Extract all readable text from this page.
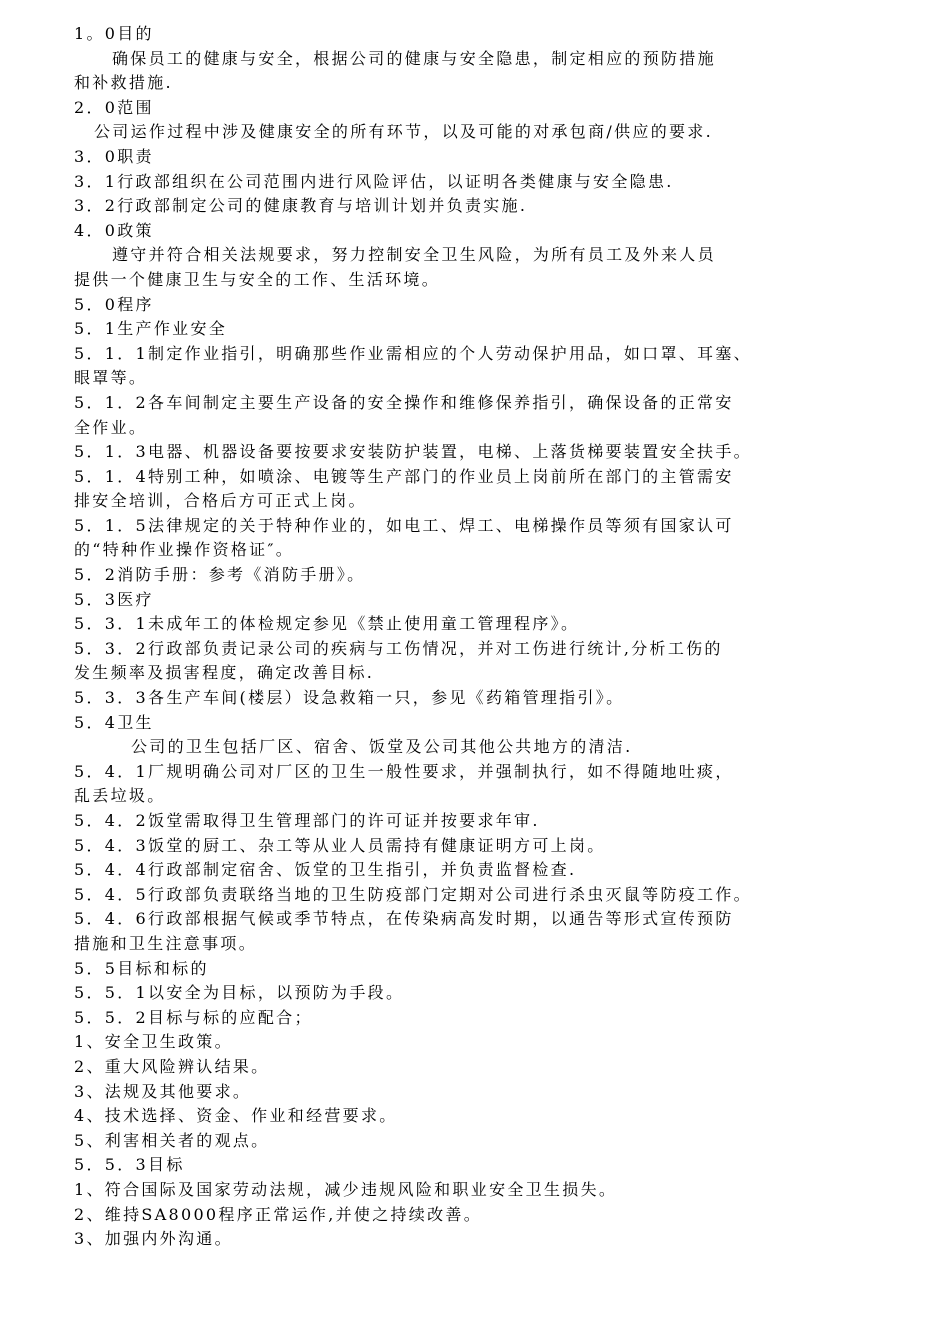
1。0目的
确保员工的健康与安全，根据公司的健康与安全隐患，制定相应的预防措施
和补救措施.
2．0范围
公司运作过程中涉及健康安全的所有环节，以及可能的对承包商/供应的要求.
3．0职责
3．1行政部组织在公司范围内进行风险评估，以证明各类健康与安全隐患.
3．2行政部制定公司的健康教育与培训计划并负责实施.
4．0政策
遵守并符合相关法规要求，努力控制安全卫生风险，为所有员工及外来人员
提供一个健康卫生与安全的工作、生活环境。
5．0程序
5．1生产作业安全
5．1．1制定作业指引，明确那些作业需相应的个人劳动保护用品，如口罩、耳塞、
眼罩等。
5．1．2各车间制定主要生产设备的安全操作和维修保养指引，确保设备的正常安
全作业。
5．1．3电器、机器设备要按要求安装防护装置，电梯、上落货梯要装置安全扶手。
5．1．4特别工种，如喷涂、电镀等生产部门的作业员上岗前所在部门的主管需安
排安全培训，合格后方可正式上岗。
5．1．5法律规定的关于特种作业的，如电工、焊工、电梯操作员等须有国家认可
的“特种作业操作资格证″。
5．2消防手册：参考《消防手册》。
5．3医疗
5．3．1未成年工的体检规定参见《禁止使用童工管理程序》。
5．3．2行政部负责记录公司的疾病与工伤情况，并对工伤进行统计,分析工伤的
发生频率及损害程度，确定改善目标.
5．3．3各生产车间(楼层）设急救箱一只，参见《药箱管理指引》。
5．4卫生
公司的卫生包括厂区、宿舍、饭堂及公司其他公共地方的清洁.
5．4．1厂规明确公司对厂区的卫生一般性要求，并强制执行，如不得随地吐痰，
乱丢垃圾。
5．4．2饭堂需取得卫生管理部门的许可证并按要求年审.
5．4．3饭堂的厨工、杂工等从业人员需持有健康证明方可上岗。
5．4．4行政部制定宿舍、饭堂的卫生指引，并负责监督检查.
5．4．5行政部负责联络当地的卫生防疫部门定期对公司进行杀虫灭鼠等防疫工作。
5．4．6行政部根据气候或季节特点，在传染病高发时期，以通告等形式宣传预防
措施和卫生注意事项。
5．5目标和标的
5．5．1以安全为目标，以预防为手段。
5．5．2目标与标的应配合；
1、安全卫生政策。
2、重大风险辨认结果。
3、法规及其他要求。
4、技术选择、资金、作业和经营要求。
5、利害相关者的观点。
5．5．3目标
1、符合国际及国家劳动法规，减少违规风险和职业安全卫生损失。
2、维持SA8000程序正常运作,并使之持续改善。
3、加强内外沟通。
